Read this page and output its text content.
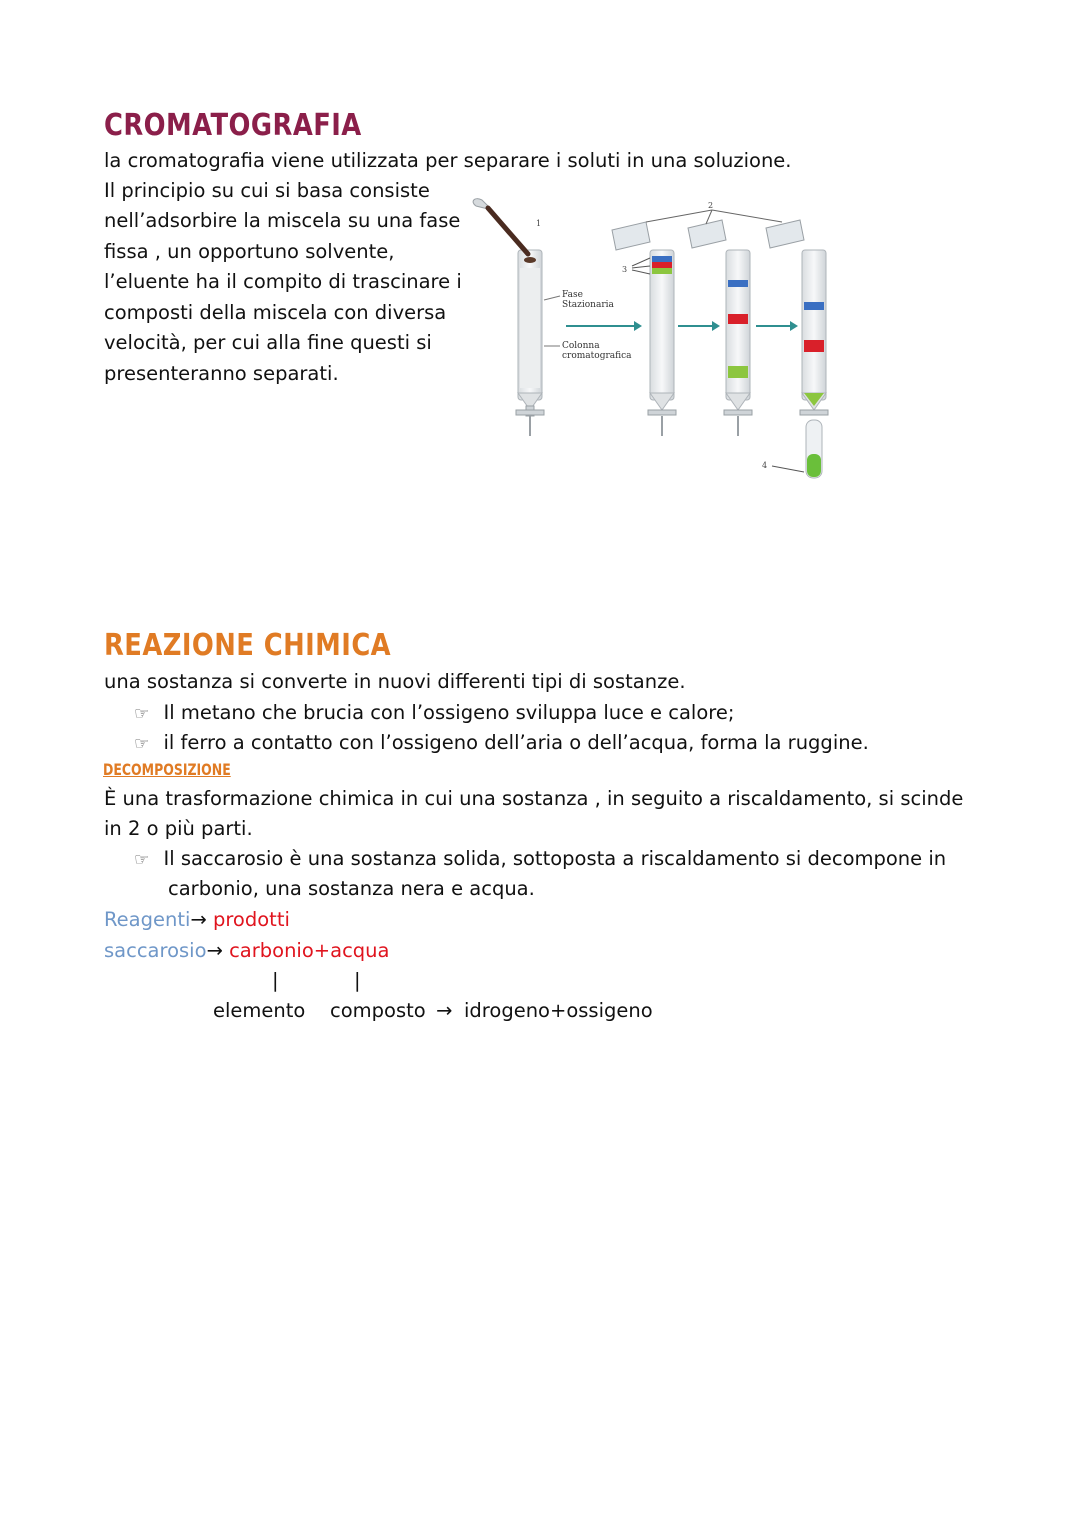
CROMATOGRAFIA
la cromatografia viene utilizzata per separare i soluti in una soluzione.
Il principio su cui si basa consiste
nell’adsorbire la miscela su una fase
fissa , un opportuno solvente,
l’eluente ha il compito di trascinare i
composti della miscela con diversa
velocità, per cui alla fine questi si
presenteranno separati.
1
Fase
Stazionaria
Colonna
cromatografica
2
3
4
REAZIONE CHIMICA
una sostanza si converte in nuovi differenti tipi di sostanze.
☞ Il metano che brucia con l’ossigeno sviluppa luce e calore;
☞ il ferro a contatto con l’ossigeno dell’aria o dell’acqua, forma la ruggine.
DECOMPOSIZIONE
È una trasformazione chimica in cui una sostanza , in seguito a riscaldamento, si scinde
in 2 o più parti.
☞ Il saccarosio è una sostanza solida, sottoposta a riscaldamento si decompone in
carbonio, una sostanza nera e acqua.
Reagenti→ prodotti
saccarosio→ carbonio+acqua
|	|
elemento composto → idrogeno+ossigeno
